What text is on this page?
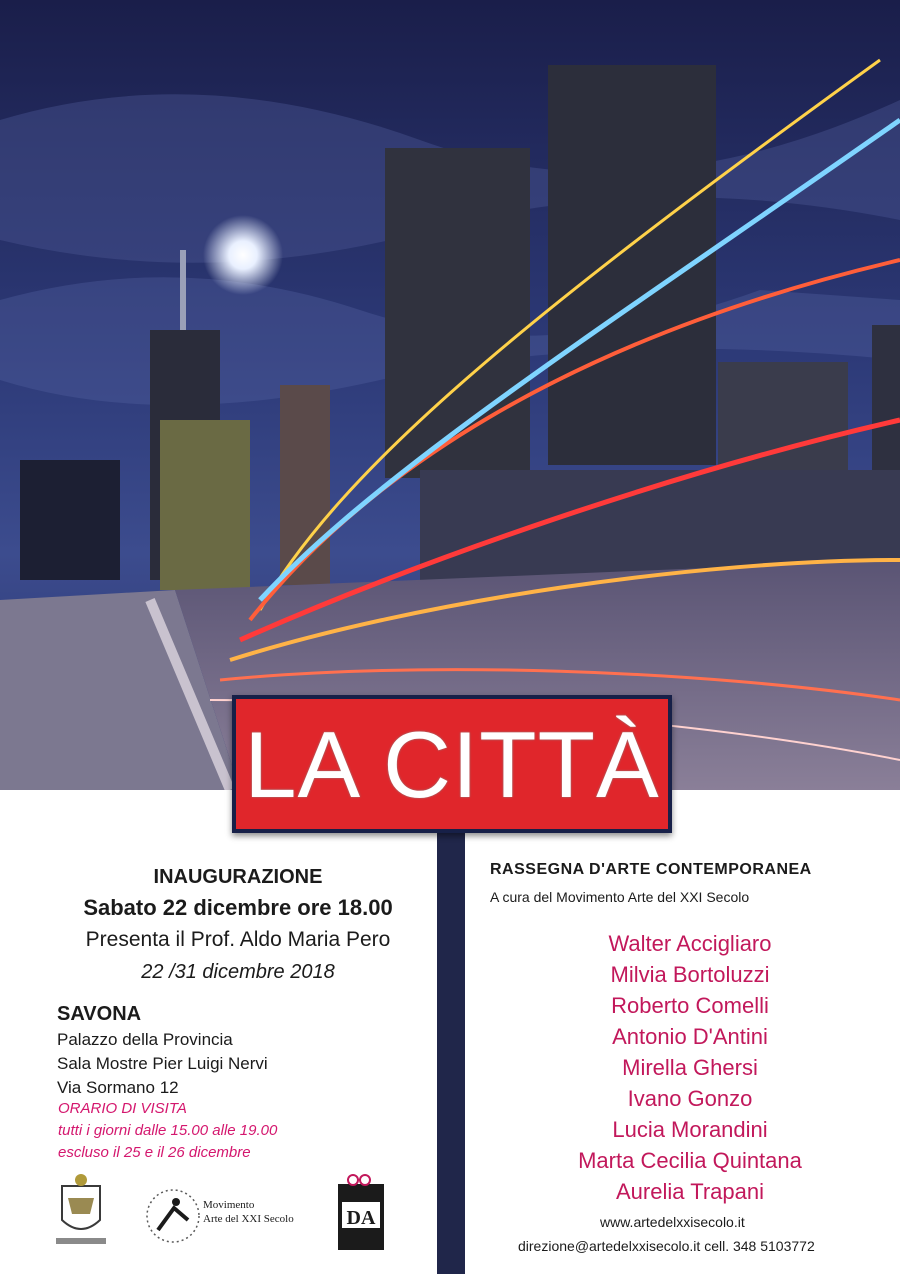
LA CITTÀ
INAUGURAZIONE
Sabato 22 dicembre ore 18.00
Presenta il Prof. Aldo Maria Pero
22 /31 dicembre 2018
SAVONA
Palazzo della Provincia
Sala Mostre Pier Luigi Nervi
Via Sormano 12
ORARIO DI VISITA
tutti i giorni dalle 15.00 alle 19.00
escluso il 25 e il 26 dicembre
Movimento
Arte del XXI Secolo	DA
RASSEGNA D'ARTE CONTEMPORANEA
A cura del Movimento Arte del XXI Secolo
Walter Accigliaro
Milvia Bortoluzzi
Roberto Comelli
Antonio D'Antini
Mirella Ghersi
Ivano Gonzo
Lucia Morandini
Marta Cecilia Quintana
Aurelia Trapani
www.artedelxxisecolo.it
direzione@artedelxxisecolo.it cell. 348 5103772
